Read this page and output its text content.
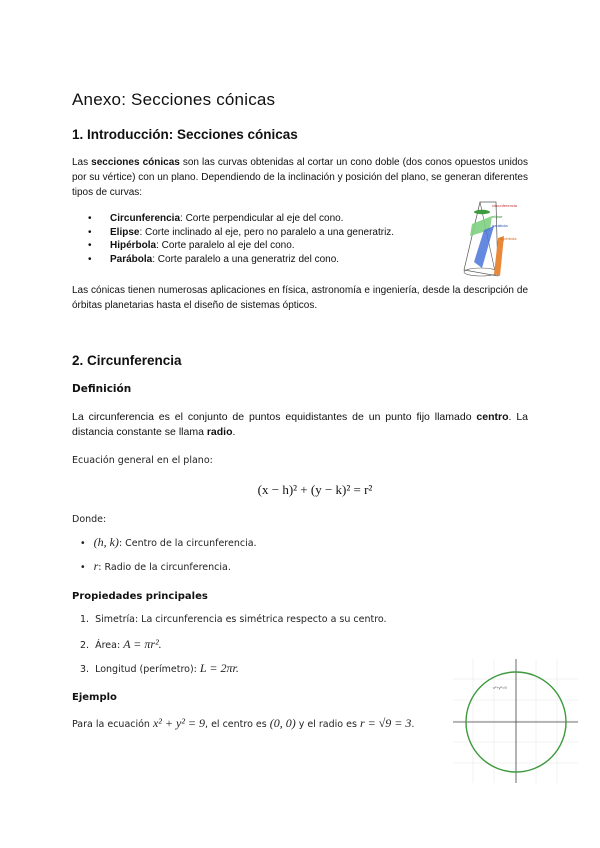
Anexo: Secciones cónicas
1. Introducción: Secciones cónicas
Las secciones cónicas son las curvas obtenidas al cortar un cono doble (dos conos opuestos unidos por su vértice) con un plano. Dependiendo de la inclinación y posición del plano, se generan diferentes tipos de curvas:
• Circunferencia: Corte perpendicular al eje del cono.
• Elipse: Corte inclinado al eje, pero no paralelo a una generatriz.
• Hipérbola: Corte paralelo al eje del cono.
• Parábola: Corte paralelo a una generatriz del cono.
circunferencia
elipse
parábola
hipérbola
Las cónicas tienen numerosas aplicaciones en física, astronomía e ingeniería, desde la descripción de órbitas planetarias hasta el diseño de sistemas ópticos.
2. Circunferencia
Definición
La circunferencia es el conjunto de puntos equidistantes de un punto fijo llamado centro. La distancia constante se llama radio.
Ecuación general en el plano:
(x − h)² + (y − k)² = r²
Donde:
• (h, k): Centro de la circunferencia.
• r: Radio de la circunferencia.
Propiedades principales
1. Simetría: La circunferencia es simétrica respecto a su centro.
2. Área: A = πr².
3. Longitud (perímetro): L = 2πr.
Ejemplo
Para la ecuación x² + y² = 9, el centro es (0, 0) y el radio es r = √9 = 3.
x²+y²=9
